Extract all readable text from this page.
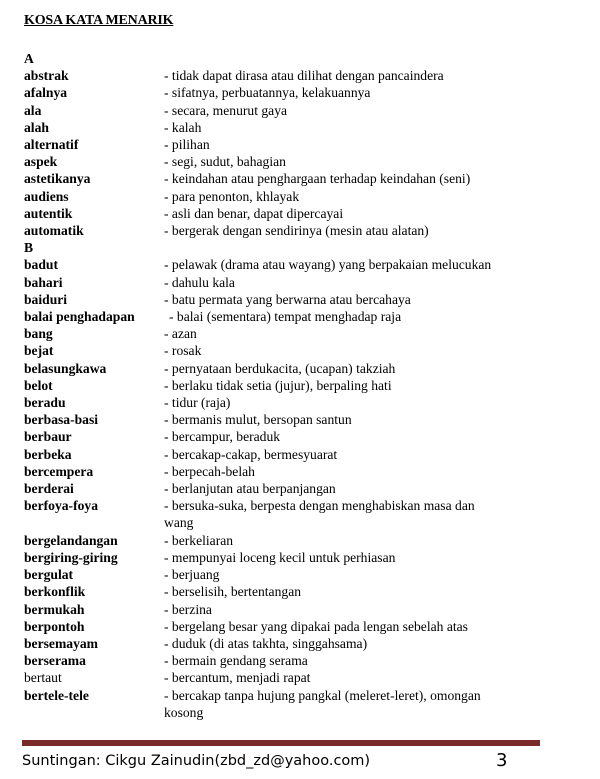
KOSA KATA MENARIK
A
abstrak	- tidak dapat dirasa atau dilihat dengan pancaindera
afalnya	- sifatnya, perbuatannya, kelakuannya
ala	- secara, menurut gaya
alah	- kalah
alternatif	- pilihan
aspek	- segi, sudut, bahagian
astetikanya	- keindahan atau penghargaan terhadap keindahan (seni)
audiens	- para penonton, khlayak
autentik	- asli dan benar, dapat dipercayai
automatik	- bergerak dengan sendirinya (mesin atau alatan)
B
badut	- pelawak (drama atau wayang) yang berpakaian melucukan
bahari	- dahulu kala
baiduri	- batu permata yang berwarna atau bercahaya
balai penghadapan	- balai (sementara) tempat menghadap raja
bang	- azan
bejat	- rosak
belasungkawa	- pernyataan berdukacita, (ucapan) takziah
belot	- berlaku tidak setia (jujur), berpaling hati
beradu	- tidur (raja)
berbasa-basi	- bermanis mulut, bersopan santun
berbaur	- bercampur, beraduk
berbeka	- bercakap-cakap, bermesyuarat
bercempera	- berpecah-belah
berderai	- berlanjutan atau berpanjangan
berfoya-foya	- bersuka-suka, berpesta dengan menghabiskan masa dan
wang
bergelandangan	- berkeliaran
bergiring-giring	- mempunyai loceng kecil untuk perhiasan
bergulat	- berjuang
berkonflik	- berselisih, bertentangan
bermukah	- berzina
berpontoh	- bergelang besar yang dipakai pada lengan sebelah atas
bersemayam	- duduk (di atas takhta, singgahsama)
berserama	- bermain gendang serama
bertaut	- bercantum, menjadi rapat
bertele-tele	- bercakap tanpa hujung pangkal (meleret-leret), omongan
kosong
Suntingan: Cikgu Zainudin(zbd_zd@yahoo.com)	3
